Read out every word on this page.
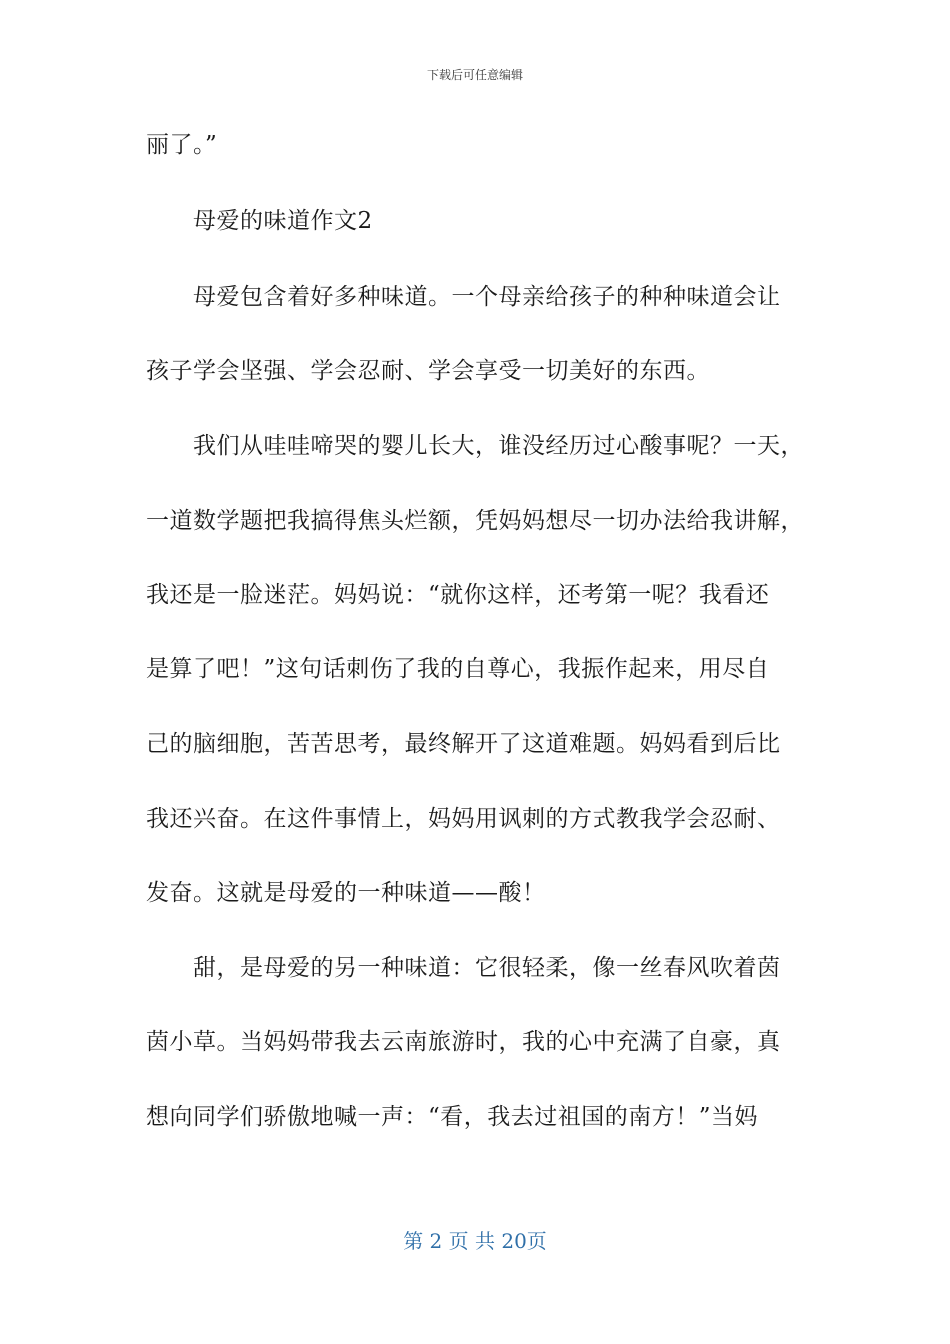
下载后可任意编辑
丽了。”
母爱的味道作文2
母爱包含着好多种味道。一个母亲给孩子的种种味道会让
孩子学会坚强、学会忍耐、学会享受一切美好的东西。
我们从哇哇啼哭的婴儿长大，谁没经历过心酸事呢？一天，
一道数学题把我搞得焦头烂额，凭妈妈想尽一切办法给我讲解，
我还是一脸迷茫。妈妈说：“就你这样，还考第一呢？我看还
是算了吧！”这句话刺伤了我的自尊心，我振作起来，用尽自
己的脑细胞，苦苦思考，最终解开了这道难题。妈妈看到后比
我还兴奋。在这件事情上，妈妈用讽刺的方式教我学会忍耐、
发奋。这就是母爱的一种味道——酸！
甜，是母爱的另一种味道：它很轻柔，像一丝春风吹着茵
茵小草。当妈妈带我去云南旅游时，我的心中充满了自豪，真
想向同学们骄傲地喊一声：“看，我去过祖国的南方！”当妈
第 2 页 共 20页
